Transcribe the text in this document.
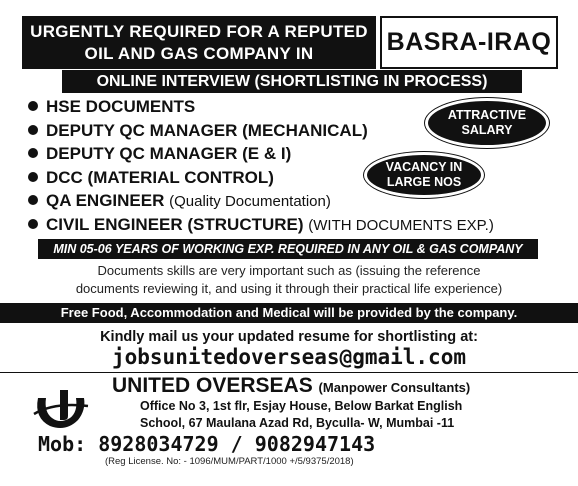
URGENTLY REQUIRED FOR A REPUTED
OIL AND GAS COMPANY IN	BASRA-IRAQ
ONLINE INTERVIEW (SHORTLISTING IN PROCESS)
HSE DOCUMENTS
DEPUTY QC MANAGER (MECHANICAL)
DEPUTY QC MANAGER (E & I)
DCC (MATERIAL CONTROL)
QA ENGINEER (Quality Documentation)
CIVIL ENGINEER (STRUCTURE) (WITH DOCUMENTS EXP.)
ATTRACTIVE
SALARY
VACANCY IN
LARGE NOS
MIN 05-06 YEARS OF WORKING EXP. REQUIRED IN ANY OIL & GAS COMPANY
Documents skills are very important such as (issuing the reference
documents reviewing it, and using it through their practical life experience)
Free Food, Accommodation and Medical will be provided by the company.
Kindly mail us your updated resume for shortlisting at:
jobsunitedoverseas@gmail.com
UNITED OVERSEAS (Manpower Consultants)
Office No 3, 1st flr, Esjay House, Below Barkat English
School, 67 Maulana Azad Rd, Byculla- W, Mumbai -11
Mob: 8928034729 / 9082947143
(Reg License. No: - 1096/MUM/PART/1000 +/5/9375/2018)
